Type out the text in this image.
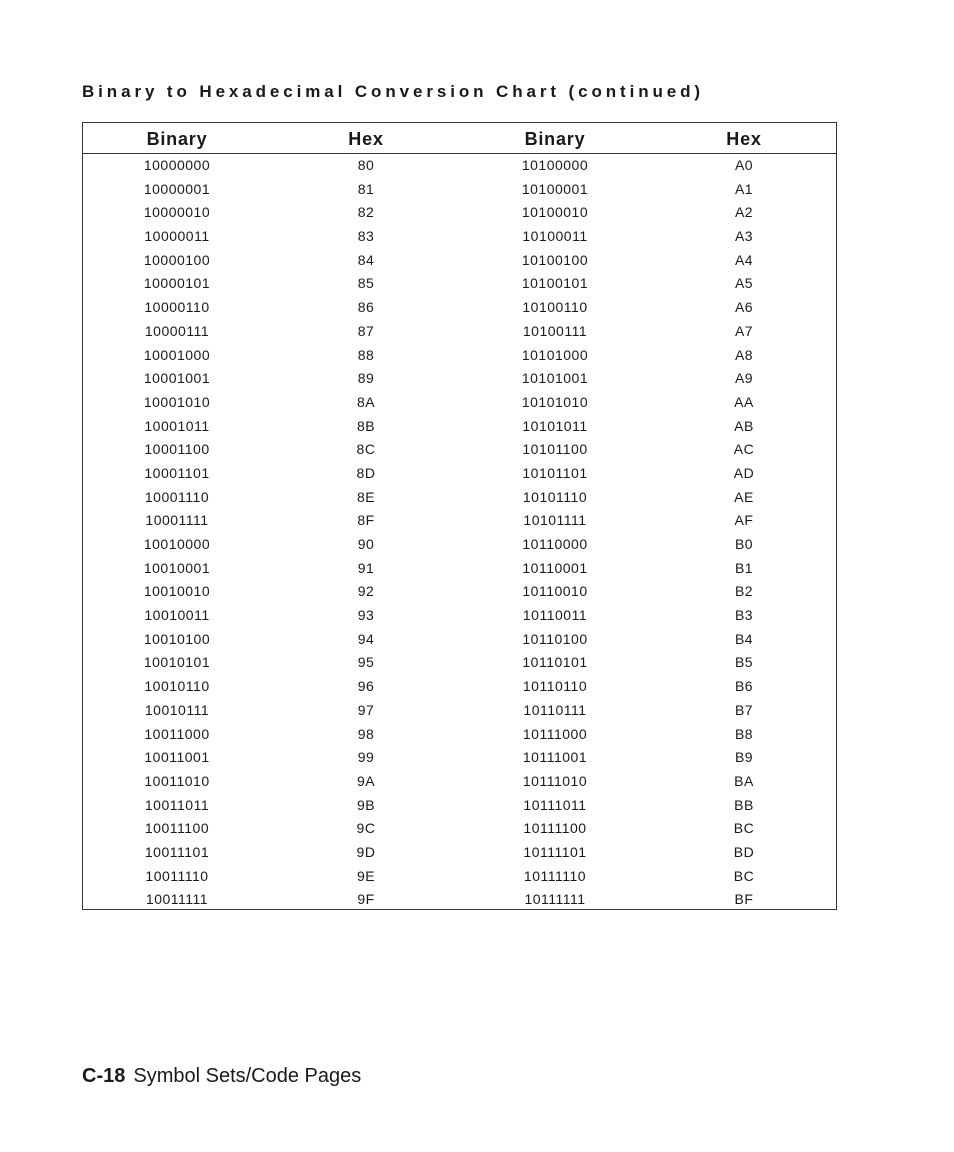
Binary to Hexadecimal Conversion Chart (continued)
Binary	Hex	Binary	Hex
10000000	80	10100000	A0
10000001	81	10100001	A1
10000010	82	10100010	A2
10000011	83	10100011	A3
10000100	84	10100100	A4
10000101	85	10100101	A5
10000110	86	10100110	A6
10000111	87	10100111	A7
10001000	88	10101000	A8
10001001	89	10101001	A9
10001010	8A	10101010	AA
10001011	8B	10101011	AB
10001100	8C	10101100	AC
10001101	8D	10101101	AD
10001110	8E	10101110	AE
10001111	8F	10101111	AF
10010000	90	10110000	B0
10010001	91	10110001	B1
10010010	92	10110010	B2
10010011	93	10110011	B3
10010100	94	10110100	B4
10010101	95	10110101	B5
10010110	96	10110110	B6
10010111	97	10110111	B7
10011000	98	10111000	B8
10011001	99	10111001	B9
10011010	9A	10111010	BA
10011011	9B	10111011	BB
10011100	9C	10111100	BC
10011101	9D	10111101	BD
10011110	9E	10111110	BC
10011111	9F	10111111	BF
C-18 Symbol Sets/Code Pages
